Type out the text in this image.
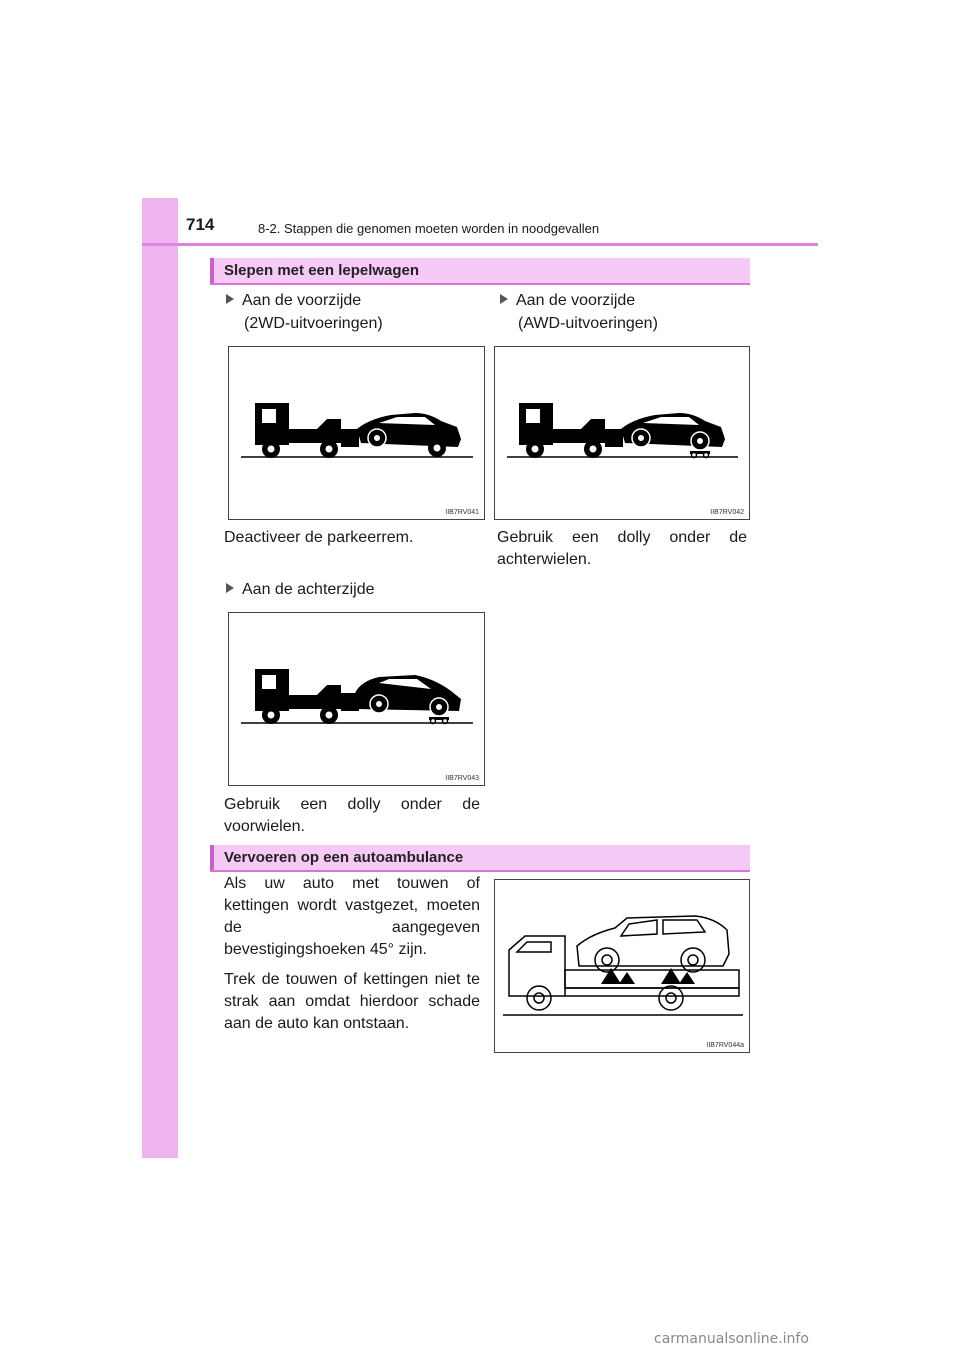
714	8-2. Stappen die genomen moeten worden in noodgevallen
Slepen met een lepelwagen
Aan de voorzijde
(2WD-uitvoeringen)
Aan de voorzijde
(AWD-uitvoeringen)
IIB7RV041	IIB7RV042
Deactiveer de parkeerrem.	Gebruik een dolly onder de achterwielen.
Aan de achterzijde
IIB7RV043
Gebruik een dolly onder de voorwielen.
Vervoeren op een autoambulance

Als uw auto met touwen of kettingen wordt vastgezet, moeten de aangegeven bevestigingshoeken 45° zijn.

Trek de touwen of kettingen niet te strak aan omdat hierdoor schade aan de auto kan ontstaan.

IIB7RV044a
carmanualsonline.info
